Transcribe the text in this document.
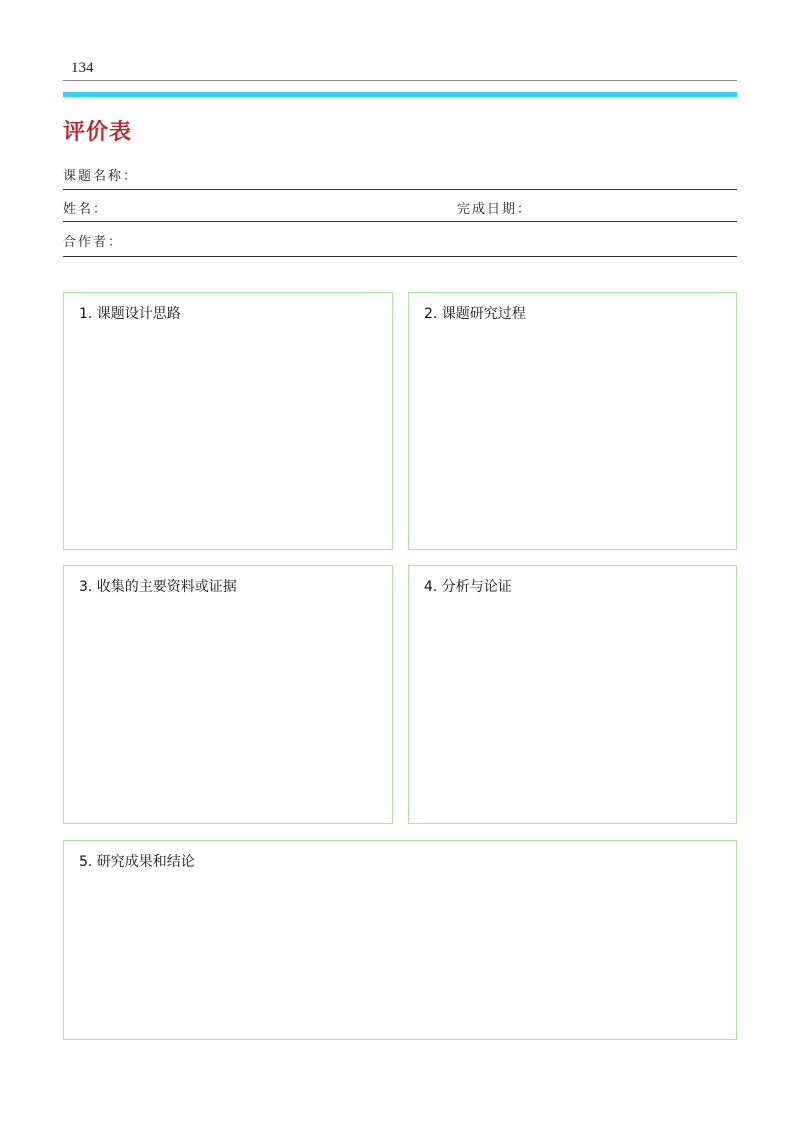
134
评价表
课题名称：
姓名：	完成日期：
合作者：
1. 课题设计思路	2. 课题研究过程
3. 收集的主要资料或证据	4. 分析与论证
5. 研究成果和结论
